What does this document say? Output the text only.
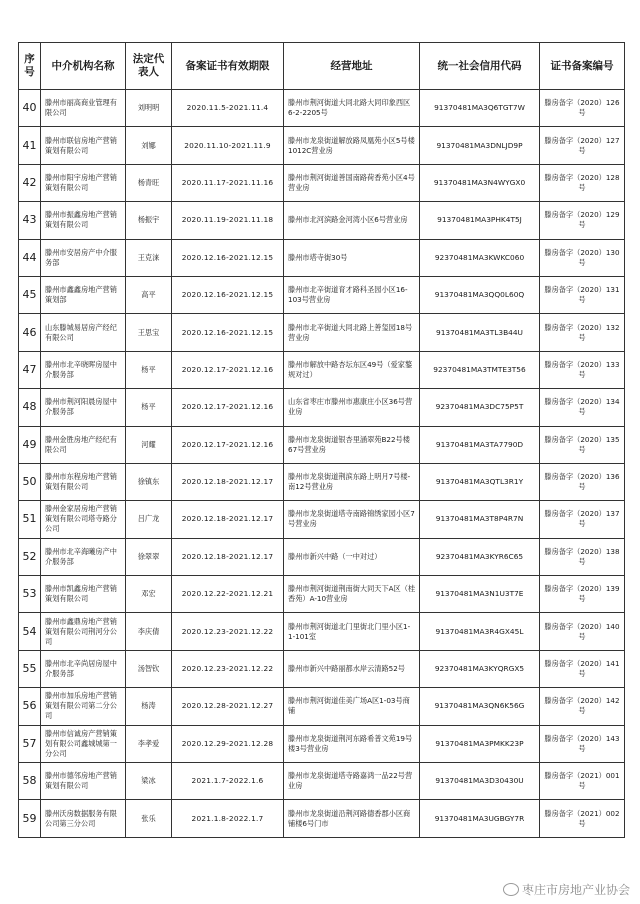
序号	中介机构名称	法定代表人	备案证书有效期限	经营地址	统一社会信用代码	证书备案编号
40	滕州市丽高商业管理有限公司	刘明明	2020.11.5-2021.11.4	滕州市荆河街道大同北路大同印象西区6-2-2205号	91370481MA3Q6TGT7W	滕房备字（2020）126号
41	滕州市联信房地产营销策划有限公司	刘娜	2020.11.10-2021.11.9	滕州市龙泉街道解放路凤凰苑小区5号楼1012C营业房	91370481MA3DNLJD9P	滕房备字（2020）127号
42	滕州市阳宇房地产营销策划有限公司	杨青旺	2020.11.17-2021.11.16	滕州市荆河街道善国南路荷香苑小区4号营业房	91370481MA3N4WYGX0	滕房备字（2020）128号
43	滕州市振鑫房地产营销策划有限公司	杨振宇	2020.11.19-2021.11.18	滕州市北河滨路金河湾小区6号营业房	91370481MA3PHK4T5J	滕房备字（2020）129号
44	滕州市安居房产中介服务部	王克涞	2020.12.16-2021.12.15	滕州市塔寺街30号	92370481MA3KWKC060	滕房备字（2020）130号
45	滕州市鑫鑫房地产营销策划部	高平	2020.12.16-2021.12.15	滕州市北辛街道育才路科圣园小区16-103号营业房	91370481MA3QQ0L60Q	滕房备字（2020）131号
46	山东滕城易居房产经纪有限公司	王思宝	2020.12.16-2021.12.15	滕州市北辛街道大同北路上善玺园18号营业房	91370481MA3TL3B44U	滕房备字（2020）132号
47	滕州市北辛晓晖房屋中介服务部	杨平	2020.12.17-2021.12.16	滕州市解放中路杏坛东区49号（爱家鏊规对过）	92370481MA3TMTE3T56	滕房备字（2020）133号
48	滕州市荆河阳晨房屋中介服务部	杨平	2020.12.17-2021.12.16	山东省枣庄市滕州市惠康庄小区36号营业房	92370481MA3DC75P5T	滕房备字（2020）134号
49	滕州金胜房地产经纪有限公司	河耀	2020.12.17-2021.12.16	滕州市龙泉街道银杏里涵翠苑B22号楼67号营业房	91370481MA3TA7790D	滕房备字（2020）135号
50	滕州市东程房地产营销策划有限公司	徐镇东	2020.12.18-2021.12.17	滕州市龙泉街道荆滨东路上明月7号楼-南12号营业房	91370481MA3QTL3R1Y	滕房备字（2020）136号
51	滕州金家居房地产营销策划有限公司塔寺路分公司	吕广龙	2020.12.18-2021.12.17	滕州市龙泉街道塔寺南路锦绣家园小区7号营业房	91370481MA3T8P4R7N	滕房备字（2020）137号
52	滕州市北辛海曦房产中介服务部	徐翠翠	2020.12.18-2021.12.17	滕州市新兴中路（一中对过）	92370481MA3KYR6C65	滕房备字（2020）138号
53	滕州市凯鑫房地产营销策划有限公司	邓宏	2020.12.22-2021.12.21	滕州市荆河街道荆南街大同天下A区（桂香苑）A-10营业房	91370481MA3N1U3T7E	滕房备字（2020）139号
54	滕州市鑫鼎房地产营销策划有限公司荆河分公司	李庆倩	2020.12.23-2021.12.22	滕州市荆河街道北门里街北门里小区1-1-101室	91370481MA3R4GX45L	滕房备字（2020）140号
55	滕州市北辛尚居房屋中介服务部	汤智钦	2020.12.23-2021.12.22	滕州市新兴中路丽都水岸云清路52号	92370481MA3KYQRGX5	滕房备字（2020）141号
56	滕州市加乐房地产营销策划有限公司第二分公司	杨涛	2020.12.28-2021.12.27	滕州市荆河街道佳美广场A区1-03号商铺	91370481MA3QN6K56G	滕房备字（2020）142号
57	滕州市信诚房产营销策划有限公司鑫城城第一分公司	李孝爱	2020.12.29-2021.12.28	滕州市龙泉街道荆河东路希普文苑19号楼3号营业房	91370481MA3PMKK23P	滕房备字（2020）143号
58	滕州市德邻房地产营销策划有限公司	梁冰	2021.1.7-2022.1.6	滕州市龙泉街道塔寺路嘉鸿一品22号营业房	91370481MA3D30430U	滕房备字（2021）001号
59	滕州沃房数据服务有限公司第三分公司	张乐	2021.1.8-2022.1.7	滕州市龙泉街道沿荆河路德香郡小区商铺楼6号门市	91370481MA3UGBGY7R	滕房备字（2021）002号
枣庄市房地产业协会
